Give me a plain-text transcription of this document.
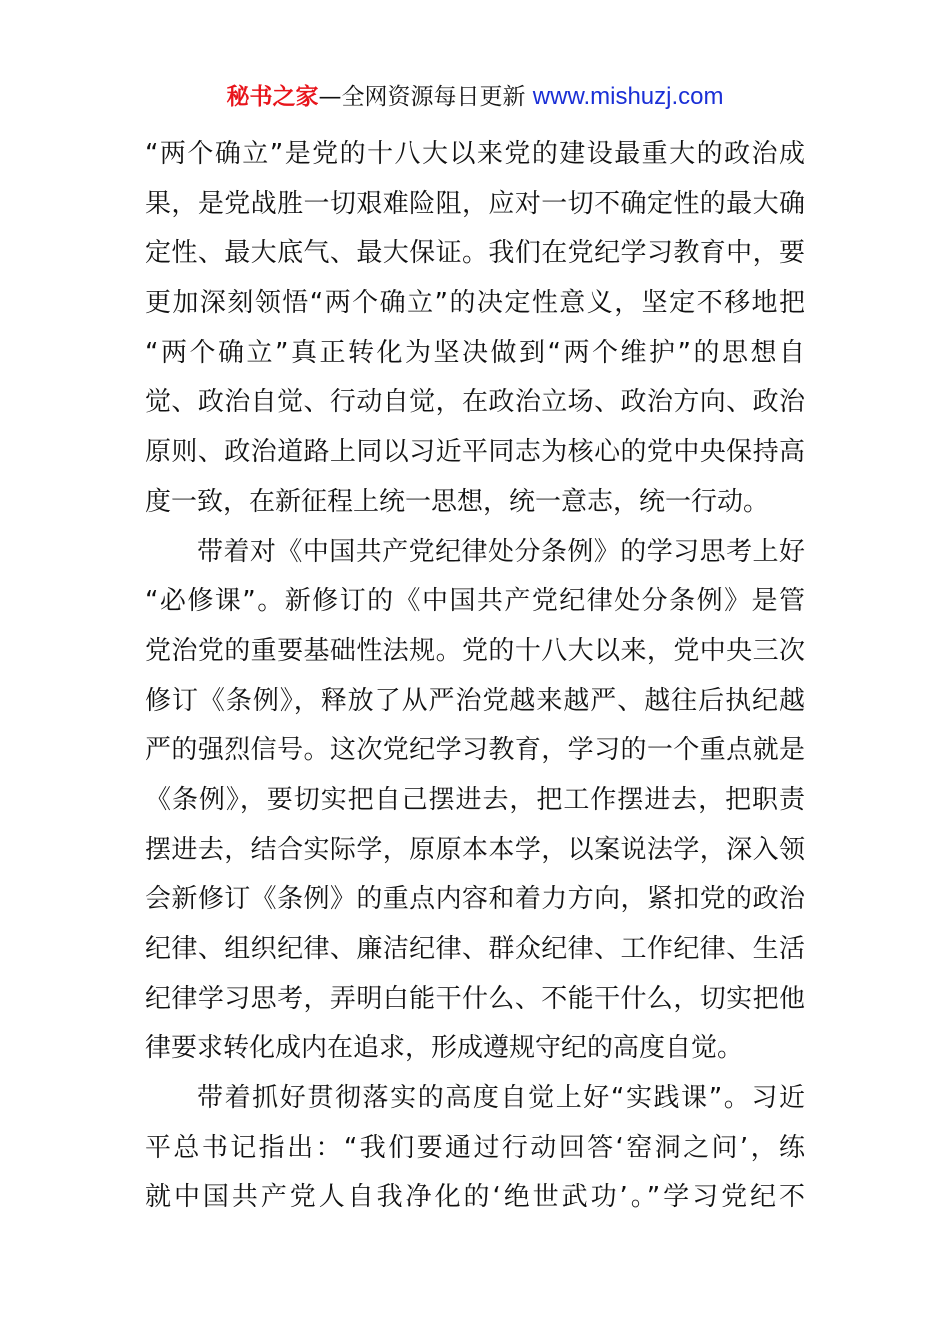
秘书之家—全网资源每日更新 www.mishuzj.com
“两个确立”是党的十八大以来党的建设最重大的政治成
果，是党战胜一切艰难险阻，应对一切不确定性的最大确
定性、最大底气、最大保证。我们在党纪学习教育中，要
更加深刻领悟“两个确立”的决定性意义，坚定不移地把
“两个确立”真正转化为坚决做到“两个维护”的思想自
觉、政治自觉、行动自觉，在政治立场、政治方向、政治
原则、政治道路上同以习近平同志为核心的党中央保持高
度一致，在新征程上统一思想，统一意志，统一行动。
带着对《中国共产党纪律处分条例》的学习思考上好
“必修课”。新修订的《中国共产党纪律处分条例》是管
党治党的重要基础性法规。党的十八大以来，党中央三次
修订《条例》，释放了从严治党越来越严、越往后执纪越
严的强烈信号。这次党纪学习教育，学习的一个重点就是
《条例》，要切实把自己摆进去，把工作摆进去，把职责
摆进去，结合实际学，原原本本学，以案说法学，深入领
会新修订《条例》的重点内容和着力方向，紧扣党的政治
纪律、组织纪律、廉洁纪律、群众纪律、工作纪律、生活
纪律学习思考，弄明白能干什么、不能干什么，切实把他
律要求转化成内在追求，形成遵规守纪的高度自觉。
带着抓好贯彻落实的高度自觉上好“实践课”。习近
平总书记指出：“我们要通过行动回答‘窑洞之问’，练
就中国共产党人自我净化的‘绝世武功’。”学习党纪不
